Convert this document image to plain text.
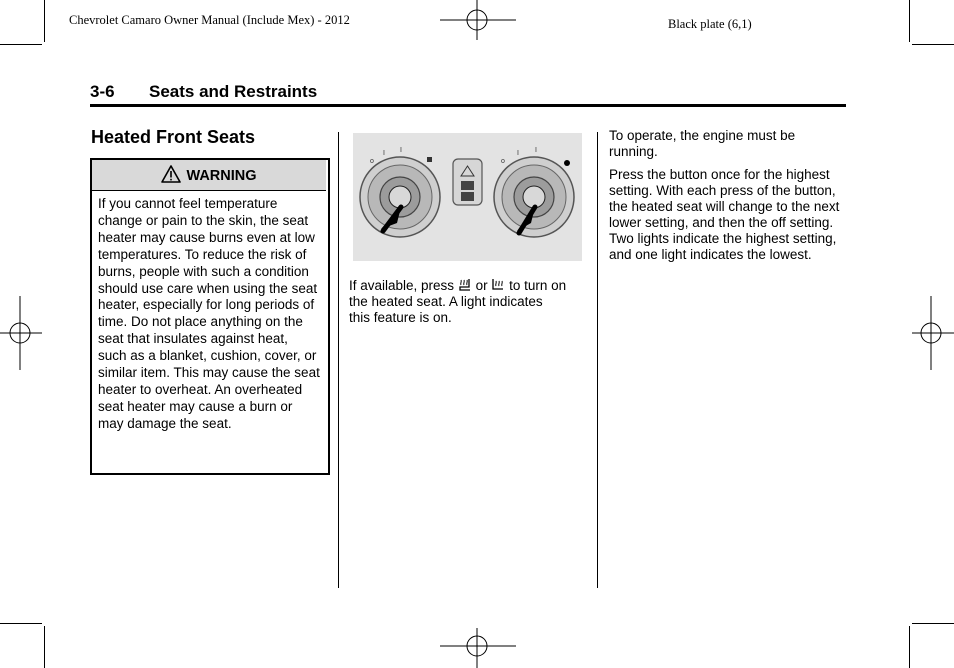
Chevrolet Camaro Owner Manual (Include Mex) - 2012	Black plate (6,1)
3-6 Seats and Restraints
Heated Front Seats
WARNING
If you cannot feel temperature change or pain to the skin, the seat heater may cause burns even at low temperatures. To reduce the risk of burns, people with such a condition should use care when using the seat heater, especially for long periods of time. Do not place anything on the seat that insulates against heat, such as a blanket, cushion, cover, or similar item. This may cause the seat heater to overheat. An overheated seat heater may cause a burn or may damage the seat.
o
I I
o
I I
If available, press or to turn on
the heated seat. A light indicates
this feature is on.
To operate, the engine must be running.
Press the button once for the highest setting. With each press of the button, the heated seat will change to the next lower setting, and then the off setting. Two lights indicate the highest setting, and one light indicates the lowest.
